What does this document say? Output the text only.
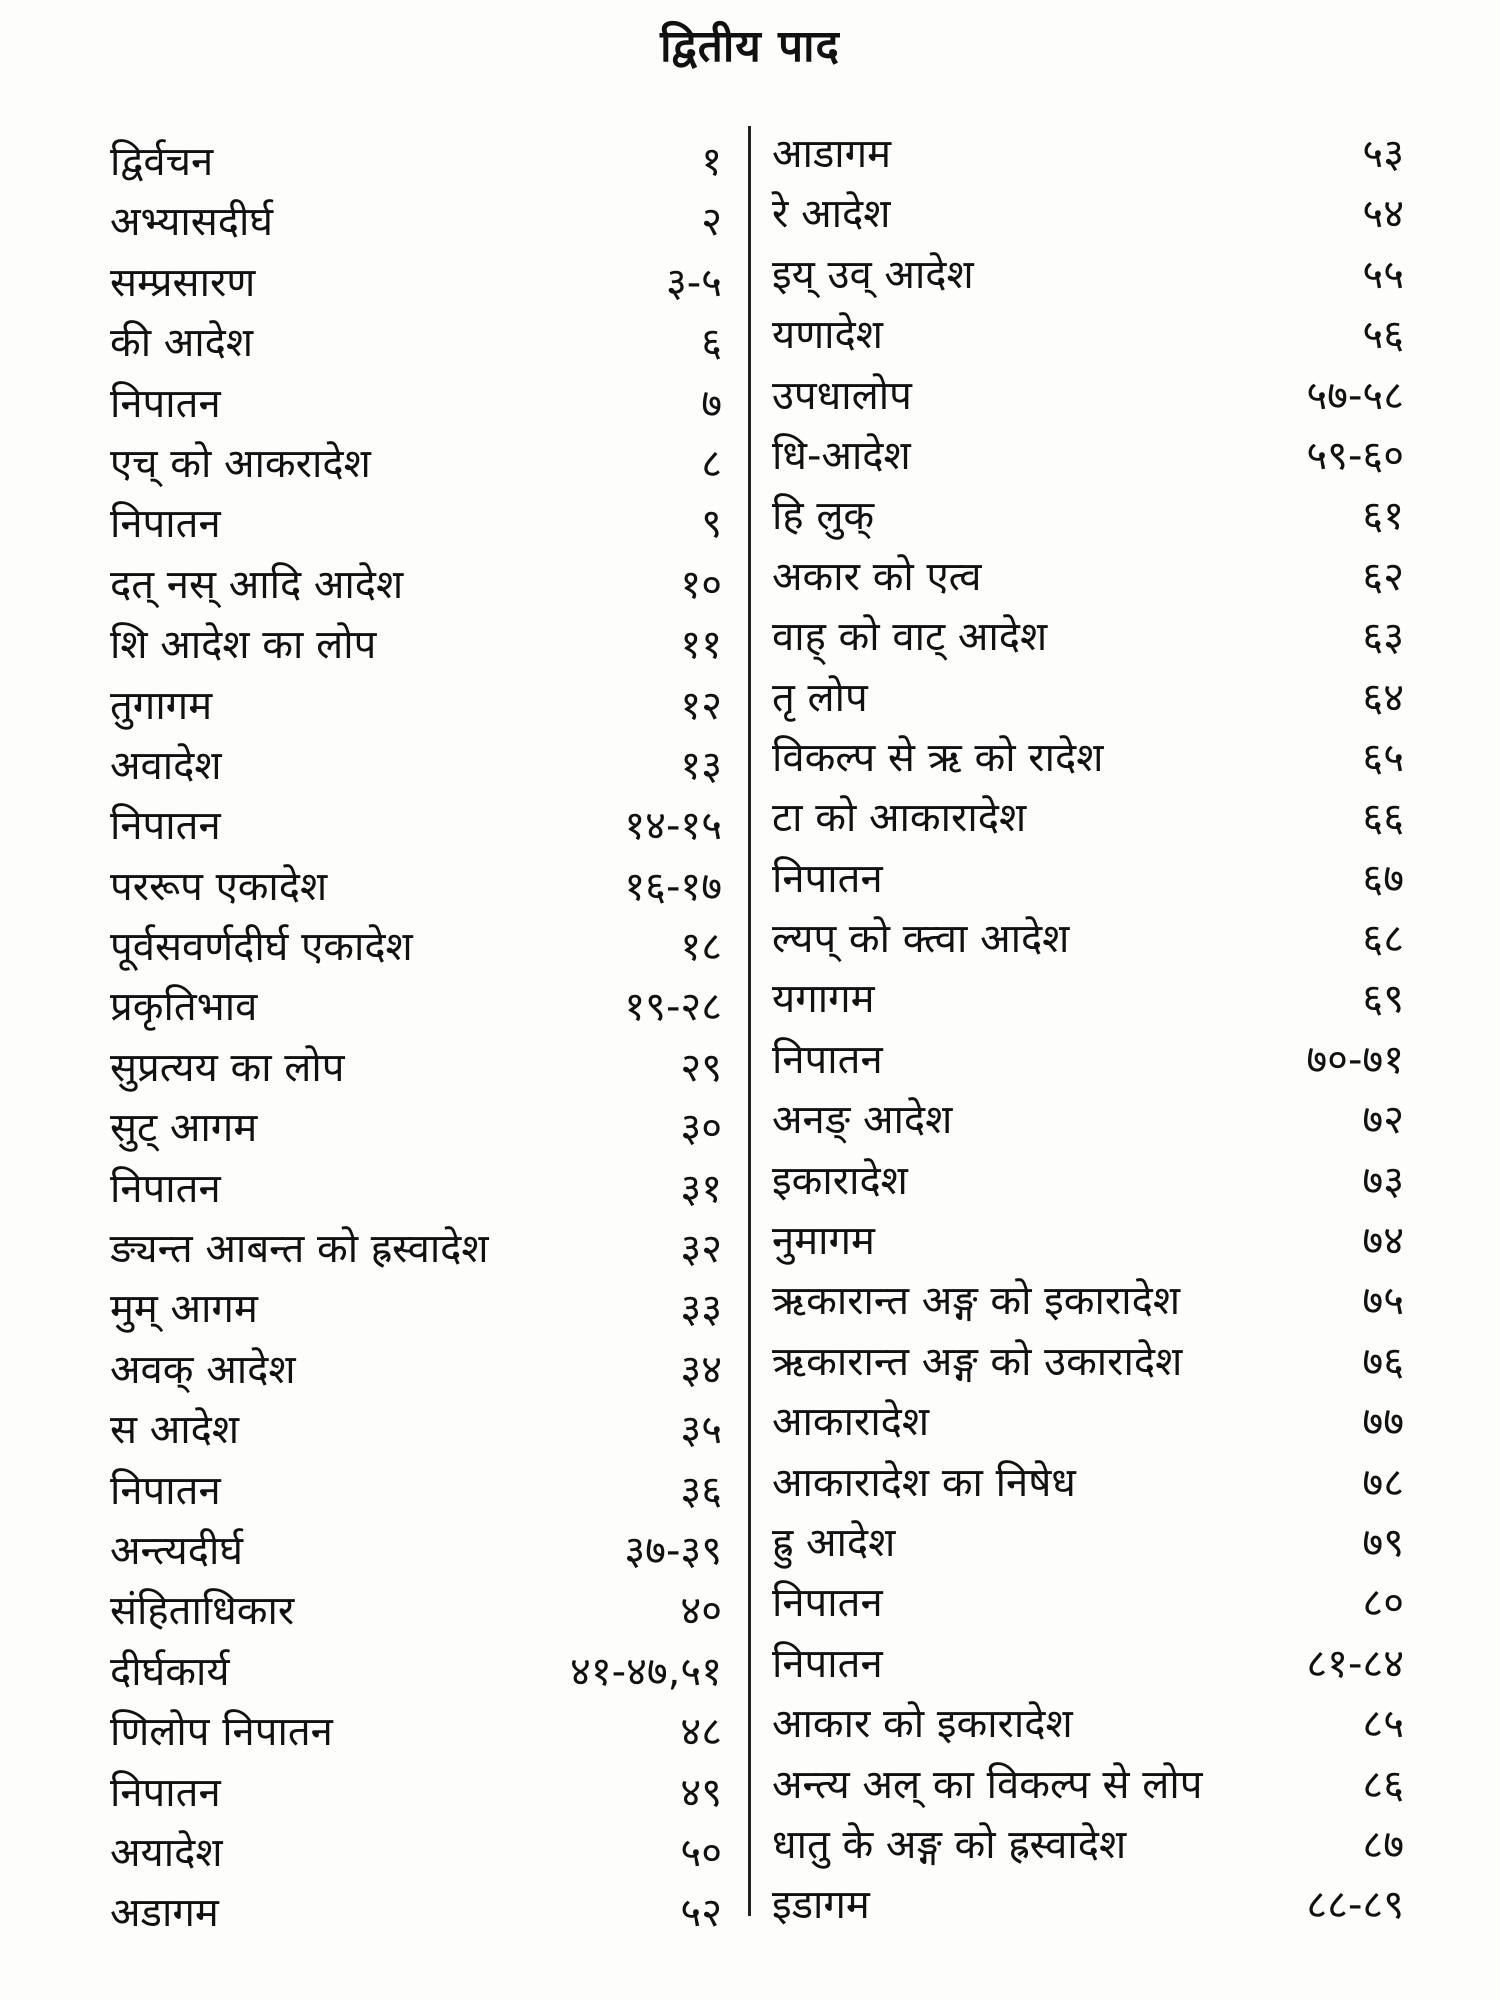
द्वितीय पाद
द्विर्वचन	१
अभ्यासदीर्घ	२
सम्प्रसारण	३-५
की आदेश	६
निपातन	७
एच् को आकरादेश	८
निपातन	९
दत् नस् आदि आदेश	१०
शि आदेश का लोप	११
तुगागम	१२
अवादेश	१३
निपातन	१४-१५
पररूप एकादेश	१६-१७
पूर्वसवर्णदीर्घ एकादेश	१८
प्रकृतिभाव	१९-२८
सुप्रत्यय का लोप	२९
सुट् आगम	३०
निपातन	३१
ङ्यन्त आबन्त को ह्रस्वादेश	३२
मुम् आगम	३३
अवक् आदेश	३४
स आदेश	३५
निपातन	३६
अन्त्यदीर्घ	३७-३९
संहिताधिकार	४०
दीर्घकार्य	४१-४७,५१
णिलोप निपातन	४८
निपातन	४९
अयादेश	५०
अडागम	५२
आडागम	५३
रे आदेश	५४
इय् उव् आदेश	५५
यणादेश	५६
उपधालोप	५७-५८
धि-आदेश	५९-६०
हि लुक्	६१
अकार को एत्व	६२
वाह् को वाट् आदेश	६३
तृ लोप	६४
विकल्प से ऋ को रादेश	६५
टा को आकारादेश	६६
निपातन	६७
ल्यप् को क्त्वा आदेश	६८
यगागम	६९
निपातन	७०-७१
अनङ् आदेश	७२
इकारादेश	७३
नुमागम	७४
ऋकारान्त अङ्ग को इकारादेश	७५
ऋकारान्त अङ्ग को उकारादेश	७६
आकारादेश	७७
आकारादेश का निषेध	७८
ह्रु आदेश	७९
निपातन	८०
निपातन	८१-८४
आकार को इकारादेश	८५
अन्त्य अल् का विकल्प से लोप	८६
धातु के अङ्ग को ह्रस्वादेश	८७
इडागम	८८-८९
